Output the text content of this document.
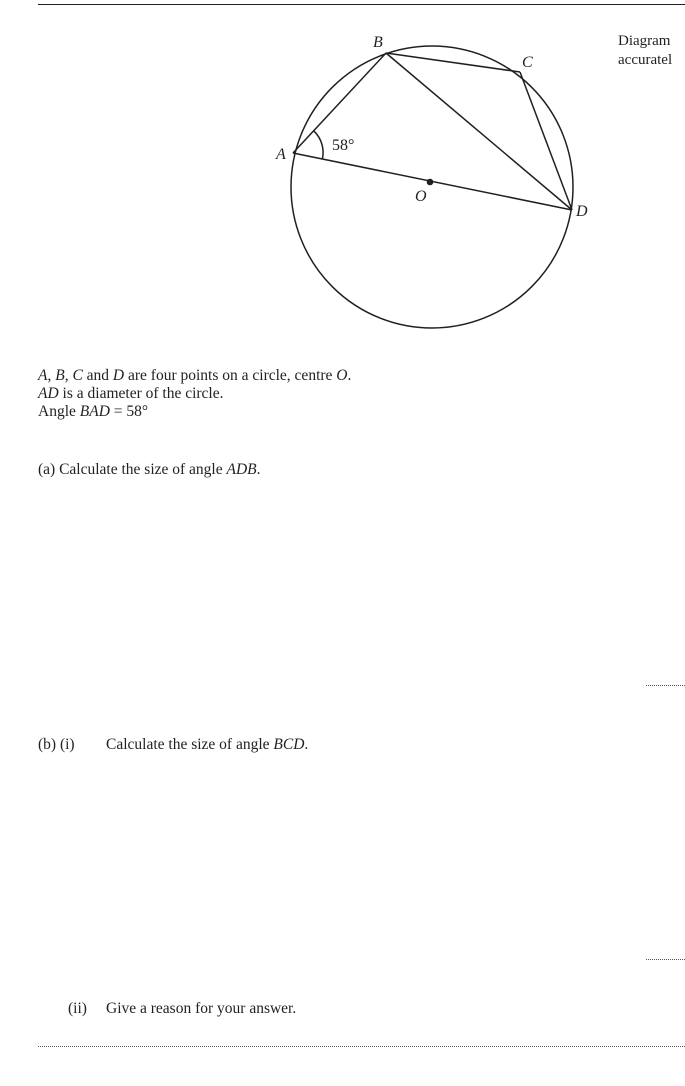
Diagram
accuratel
58°
A
B
C
D
O
A, B, C and D are four points on a circle, centre O.
AD is a diameter of the circle.
Angle BAD = 58°
(a) Calculate the size of angle ADB.
(b) (i) Calculate the size of angle BCD.
(ii) Give a reason for your answer.
